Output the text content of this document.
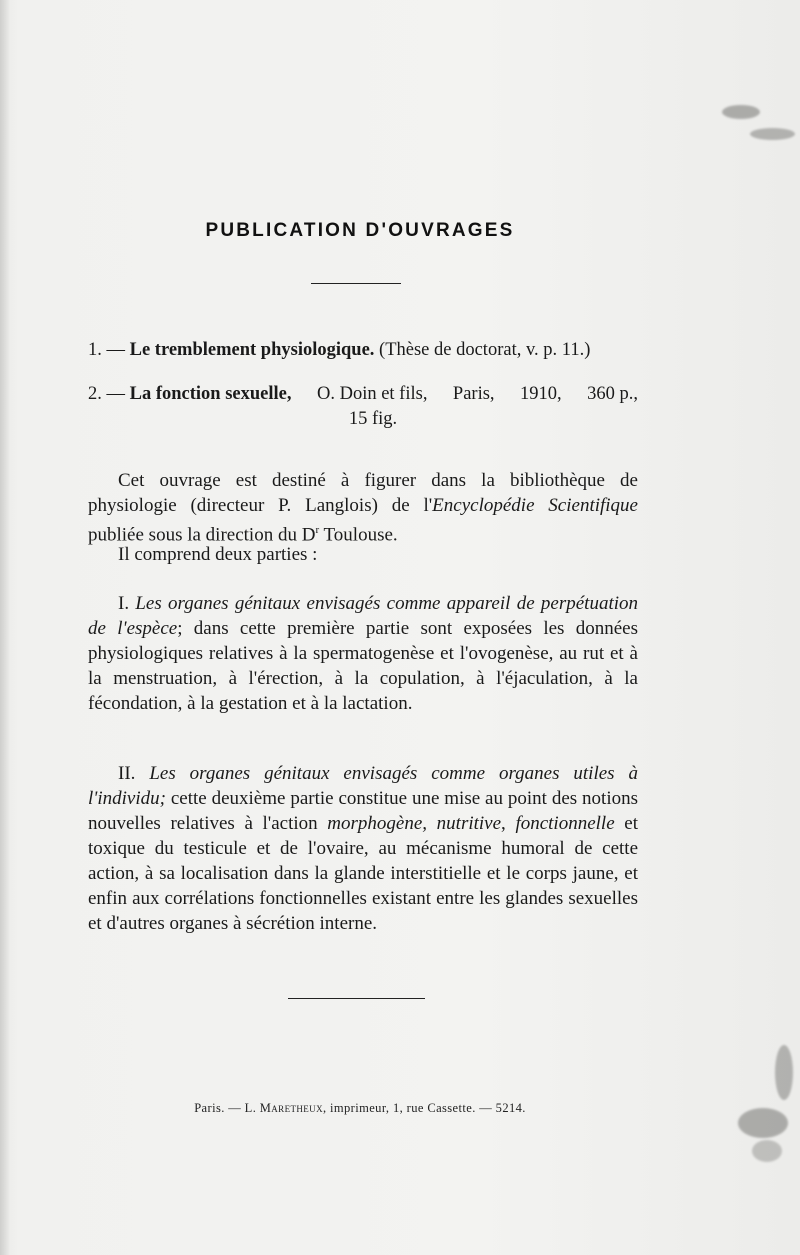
PUBLICATION D'OUVRAGES
1. — Le tremblement physiologique. (Thèse de doctorat, v. p. 11.)
2. — La fonction sexuelle, O. Doin et fils, Paris, 1910, 360 p.,
15 fig.
Cet ouvrage est destiné à figurer dans la bibliothèque de physiologie (directeur P. Langlois) de l'Encyclopédie Scientifique publiée sous la direction du $D^r$ Toulouse.
Il comprend deux parties :
I. Les organes génitaux envisagés comme appareil de perpétuation de l'espèce; dans cette première partie sont exposées les données physiologiques relatives à la spermatogenèse et l'ovogenèse, au rut et à la menstruation, à l'érection, à la copulation, à l'éjaculation, à la fécondation, à la gestation et à la lactation.
II. Les organes génitaux envisagés comme organes utiles à l'individu; cette deuxième partie constitue une mise au point des notions nouvelles relatives à l'action morphogène, nutritive, fonctionnelle et toxique du testicule et de l'ovaire, au mécanisme humoral de cette action, à sa localisation dans la glande interstitielle et le corps jaune, et enfin aux corrélations fonctionnelles existant entre les glandes sexuelles et d'autres organes à sécrétion interne.
Paris. — L. Maretheux, imprimeur, 1, rue Cassette. — 5214.
